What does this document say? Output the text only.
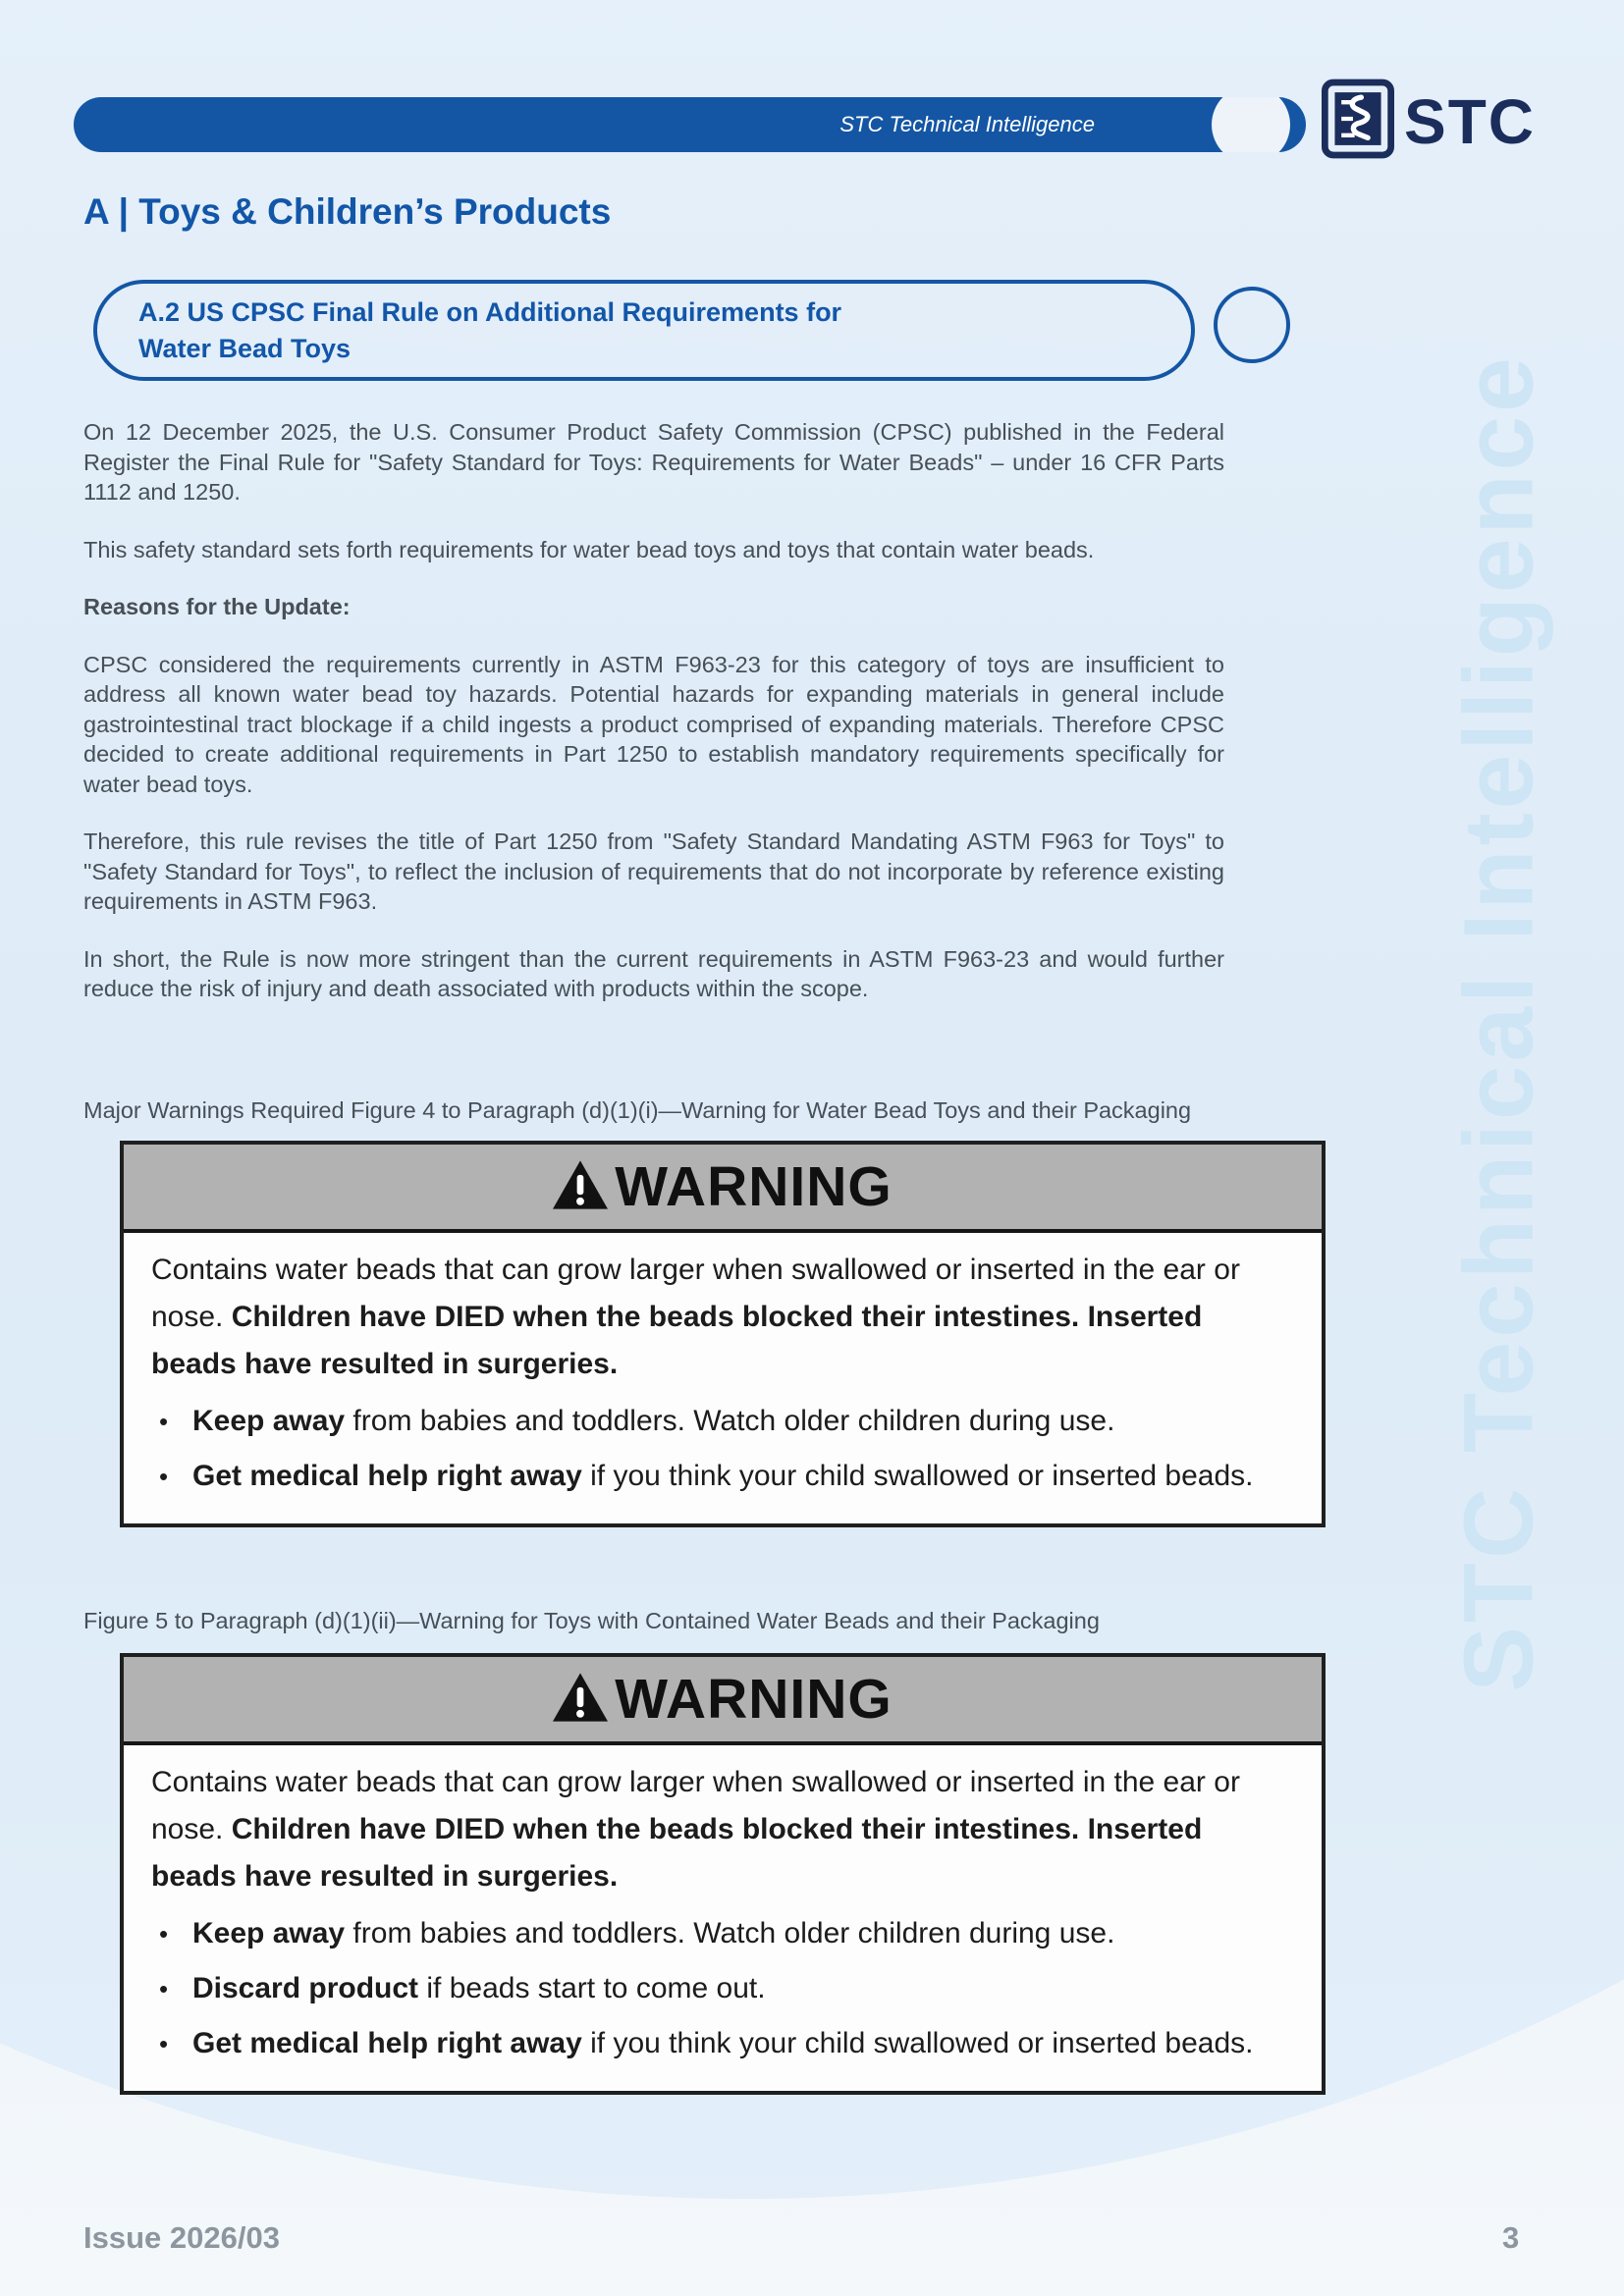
STC Technical Intelligence
STC Technical Intelligence	STC
A | Toys & Children’s Products
A.2 US CPSC Final Rule on Additional Requirements for Water Bead Toys

On 12 December 2025, the U.S. Consumer Product Safety Commission (CPSC) published in the Federal Register the Final Rule for "Safety Standard for Toys: Requirements for Water Beads" – under 16 CFR Parts 1112 and 1250.

This safety standard sets forth requirements for water bead toys and toys that contain water beads.

Reasons for the Update:

CPSC considered the requirements currently in ASTM F963-23 for this category of toys are insufficient to address all known water bead toy hazards. Potential hazards for expanding materials in general include gastrointestinal tract blockage if a child ingests a product comprised of expanding materials. Therefore CPSC decided to create additional requirements in Part 1250 to establish mandatory requirements specifically for water bead toys.

Therefore, this rule revises the title of Part 1250 from "Safety Standard Mandating ASTM F963 for Toys" to "Safety Standard for Toys", to reflect the inclusion of requirements that do not incorporate by reference existing requirements in ASTM F963.

In short, the Rule is now more stringent than the current requirements in ASTM F963-23 and would further reduce the risk of injury and death associated with products within the scope.

Major Warnings Required Figure 4 to Paragraph (d)(1)(i)—Warning for Water Bead Toys and their Packaging
WARNING
Contains water beads that can grow larger when swallowed or inserted in the ear or nose. Children have DIED when the beads blocked their intestines. Inserted beads have resulted in surgeries.
• Keep away from babies and toddlers. Watch older children during use.
• Get medical help right away if you think your child swallowed or inserted beads.
Figure 5 to Paragraph (d)(1)(ii)—Warning for Toys with Contained Water Beads and their Packaging
WARNING
Contains water beads that can grow larger when swallowed or inserted in the ear or nose. Children have DIED when the beads blocked their intestines. Inserted beads have resulted in surgeries.
• Keep away from babies and toddlers. Watch older children during use.
• Discard product if beads start to come out.
• Get medical help right away if you think your child swallowed or inserted beads.
Issue 2026/03	3
